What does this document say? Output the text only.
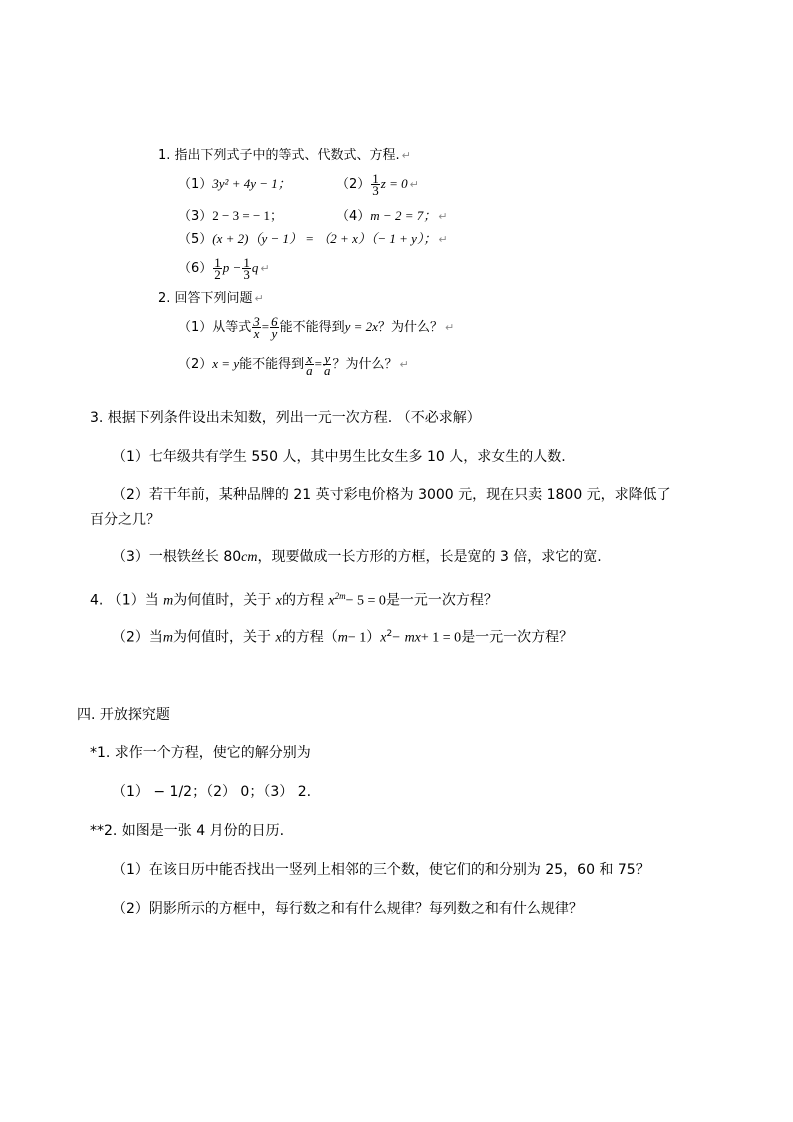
1. 指出下列式子中的等式、代数式、方程. ↵
（1）3y² + 4y − 1；	$(2) \frac{1}{3}$ z = 0 ↵
（3）2 − 3 = − 1；	（4）m − 2 = 7； ↵
（5）(x + 2)（y − 1） = （2 + x）（− 1 + y）； ↵
$(6) \frac{1}{2}$ $p - \frac{1}{3}$ q ↵
2. 回答下列问题 ↵
（1）从等式 $\frac{3}{x} = \frac{6}{y}$ 能不能得到y = 2x？为什么？ ↵
（2）x = y能不能得到 $\frac{x}{a} = \frac{y}{a}$ ？为什么？ ↵
3. 根据下列条件设出未知数，列出一元一次方程. （不必求解）
（1）七年级共有学生 550 人，其中男生比女生多 10 人，求女生的人数.
（2）若干年前，某种品牌的 21 英寸彩电价格为 3000 元，现在只卖 1800 元，求降低了
百分之几？
（3）一根铁丝长 80cm，现要做成一长方形的方框，长是宽的 3 倍，求它的宽.
4. （1）当 m为何值时，关于 x的方程 $x^{2m}- 5 = 0$是一元一次方程？
（2）当m为何值时，关于 x的方程$(m- 1)x^2- mx+ 1 = 0$是一元一次方程？
四. 开放探究题
*1. 求作一个方程，使它的解分别为
（1） − 1/2；（2） 0；（3） 2.
**2. 如图是一张 4 月份的日历.
（1）在该日历中能否找出一竖列上相邻的三个数，使它们的和分别为 25，60 和 75？
（2）阴影所示的方框中，每行数之和有什么规律？每列数之和有什么规律？
